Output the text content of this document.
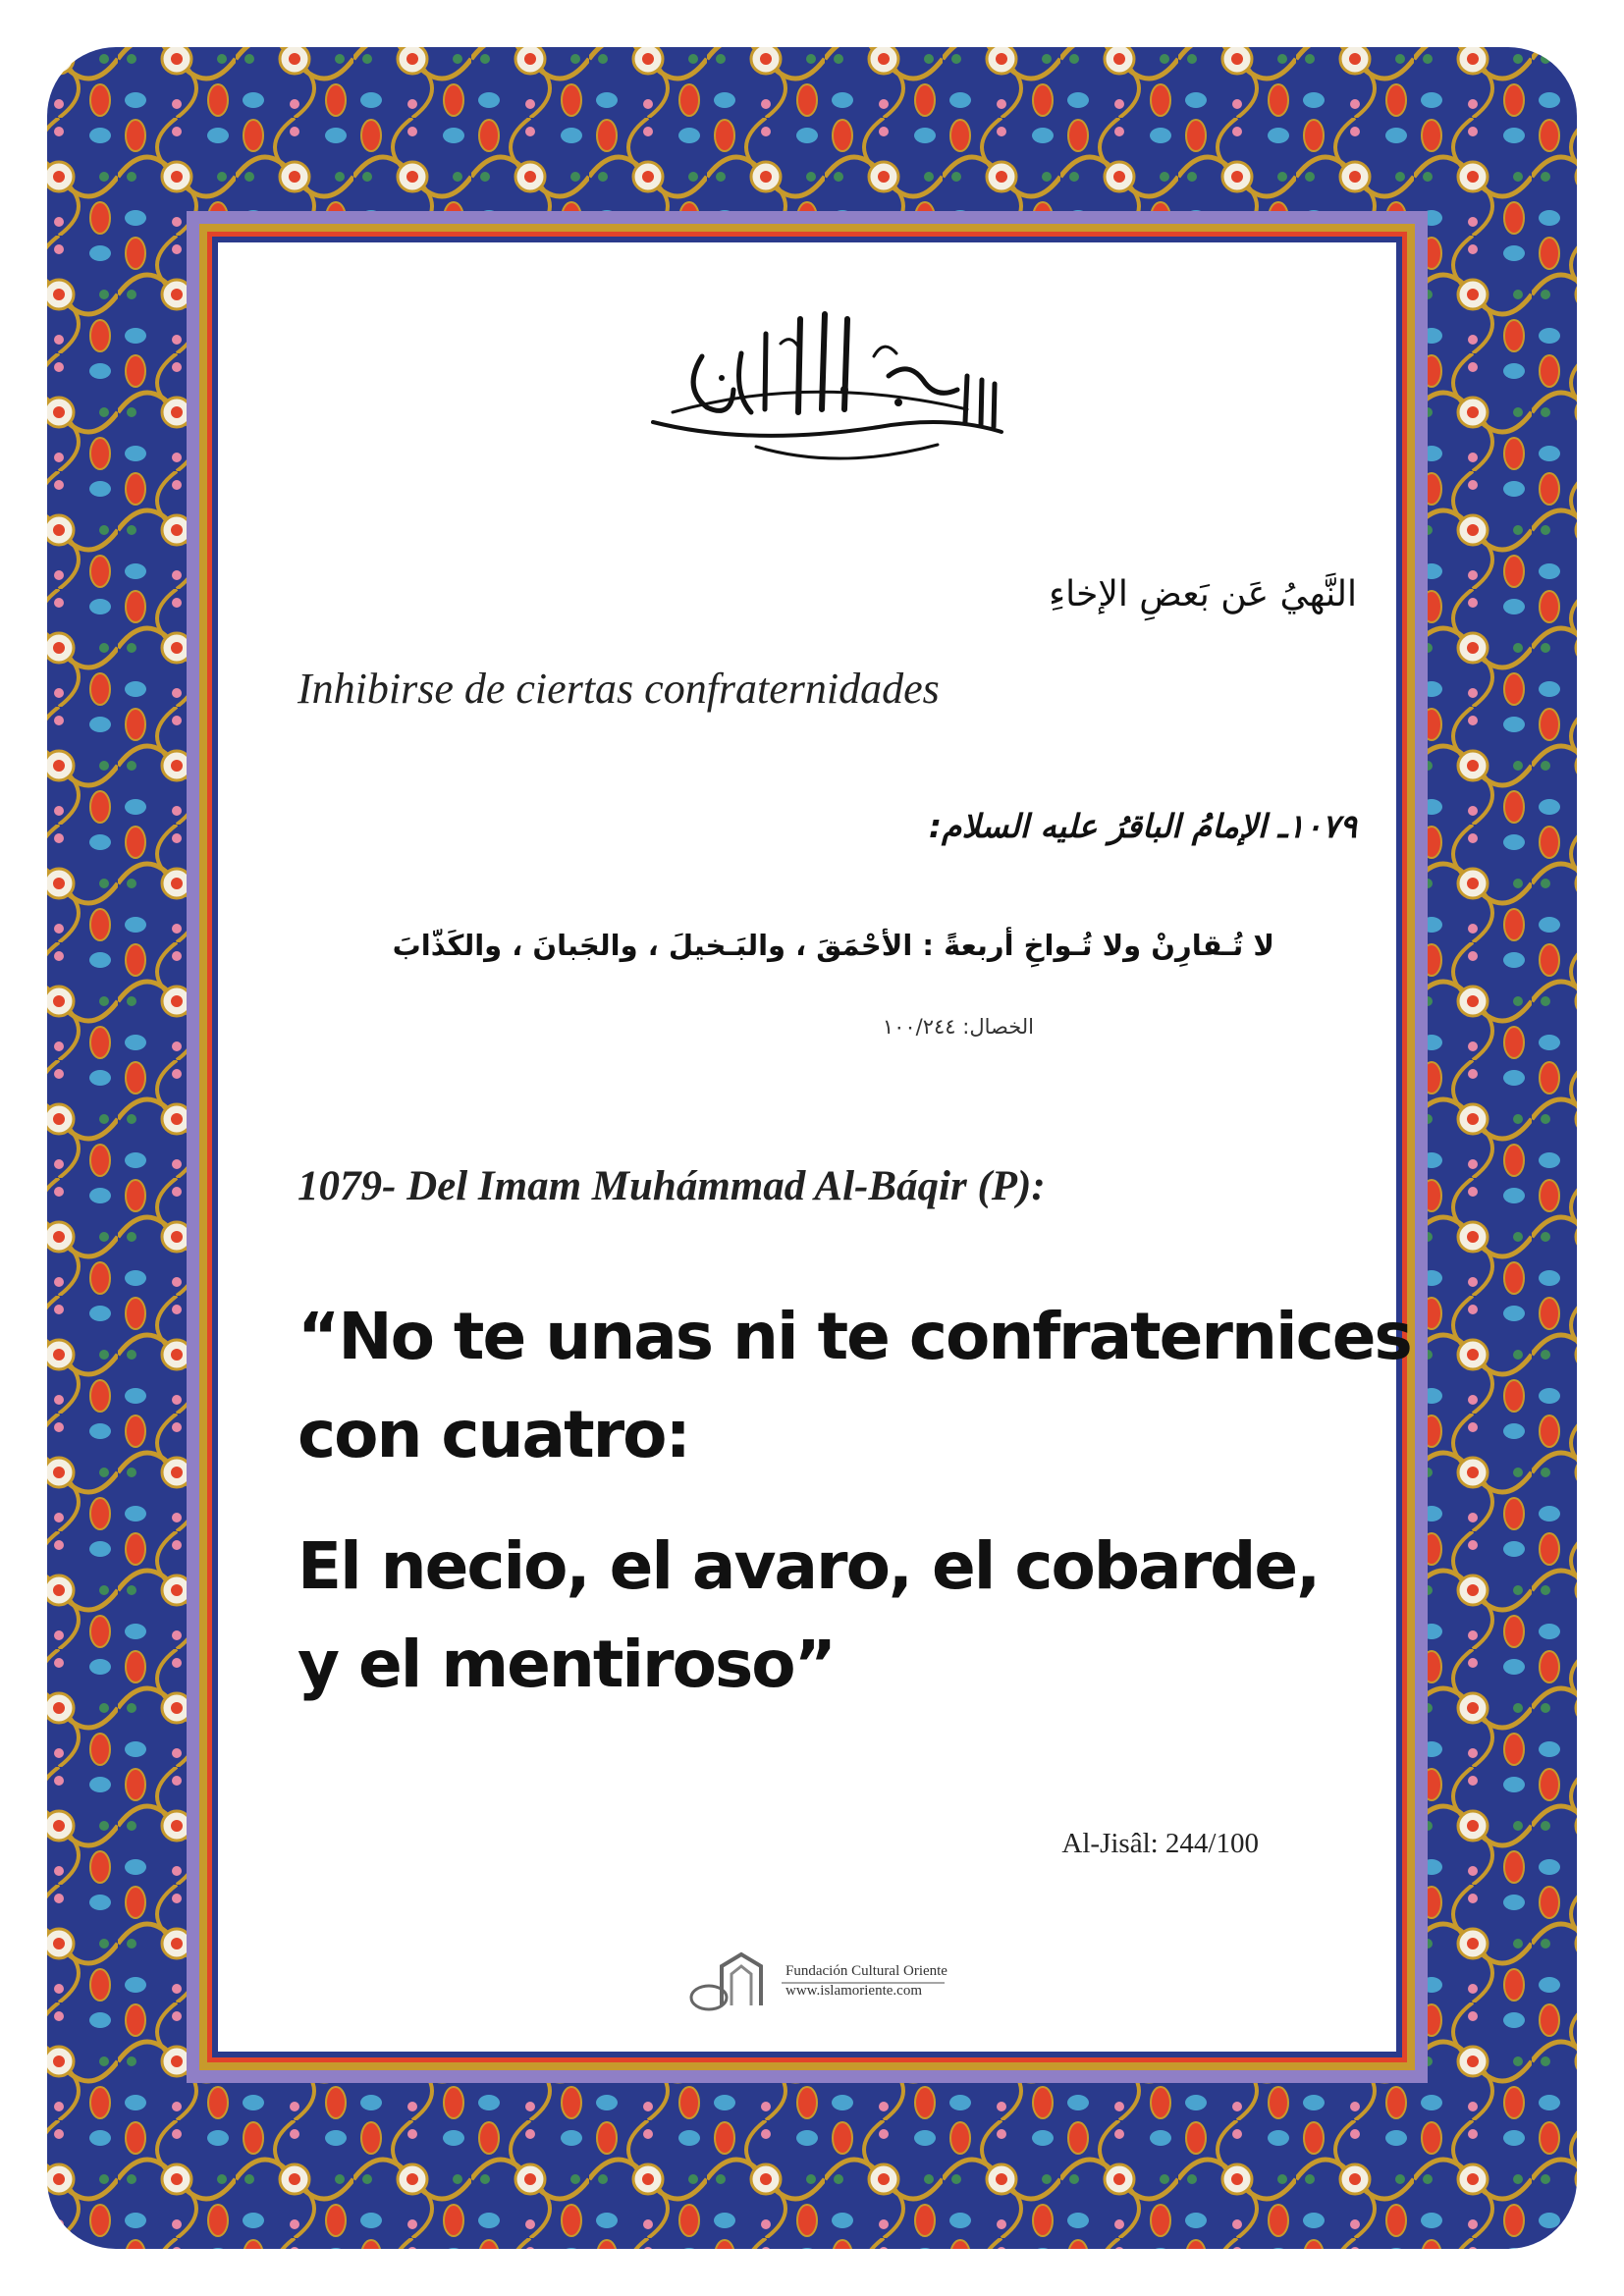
النَّهيُ عَن بَعضِ الإخاءِ
Inhibirse de ciertas confraternidades
١٠٧٩ـ الإمامُ الباقرُ عليه السلام:
لا تُـقارِنْ ولا تُـواخِ أربعةً : الأحْمَقَ ، والبَـخيلَ ، والجَبانَ ، والكَذّابَ
الخصال: ١٠٠/٢٤٤
1079- Del Imam Muhámmad Al-Báqir (P):
“No te unas ni te confraternices
con cuatro:
El necio, el avaro, el cobarde,
y el mentiroso”
Al-Jisâl: 244/100
Fundación Cultural Oriente
www.islamoriente.com
